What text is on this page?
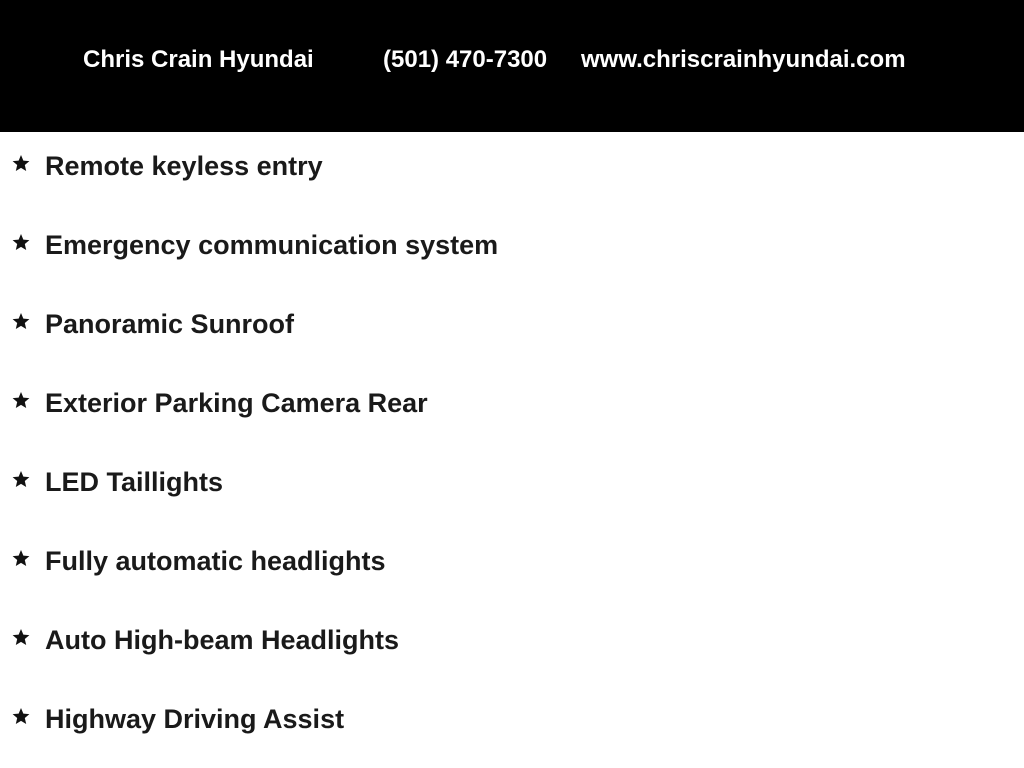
Chris Crain Hyundai	(501) 470-7300 www.chriscrainhyundai.com
Remote keyless entry
Emergency communication system
Panoramic Sunroof
Exterior Parking Camera Rear
LED Taillights
Fully automatic headlights
Auto High-beam Headlights
Highway Driving Assist
